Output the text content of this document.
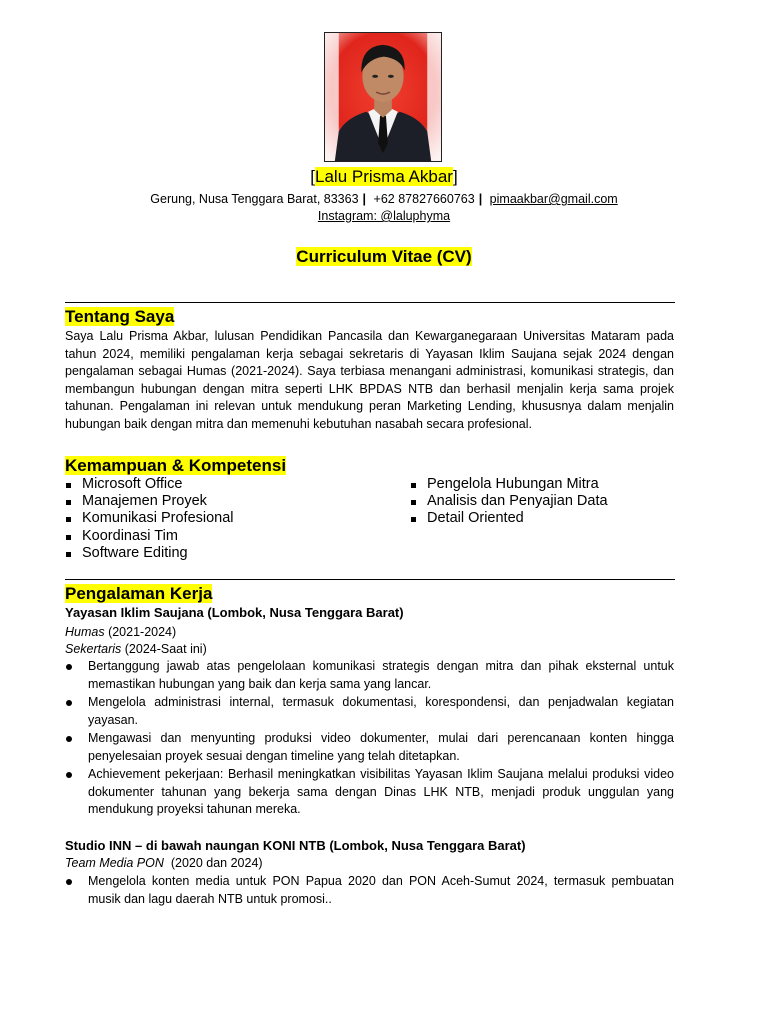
[Lalu Prisma Akbar]
Gerung, Nusa Tenggara Barat, 83363 | +62 87827660763 | pimaakbar@gmail.com
Instagram: @laluphyma
Curriculum Vitae (CV)
Tentang Saya

Saya Lalu Prisma Akbar, lulusan Pendidikan Pancasila dan Kewarganegaraan Universitas Mataram pada tahun 2024, memiliki pengalaman kerja sebagai sekretaris di Yayasan Iklim Saujana sejak 2024 dengan pengalaman sebagai Humas (2021-2024). Saya terbiasa menangani administrasi, komunikasi strategis, dan membangun hubungan dengan mitra seperti LHK BPDAS NTB dan berhasil menjalin kerja sama projek tahunan. Pengalaman ini relevan untuk mendukung peran Marketing Lending, khususnya dalam menjalin hubungan baik dengan mitra dan memenuhi kebutuhan nasabah secara profesional.

Kemampuan & Kompetensi
Microsoft Office
Manajemen Proyek
Komunikasi Profesional
Koordinasi Tim
Software Editing
Pengelola Hubungan Mitra
Analisis dan Penyajian Data
Detail Oriented
Pengalaman Kerja
Yayasan Iklim Saujana (Lombok, Nusa Tenggara Barat)
Humas (2021-2024)
Sekertaris (2024-Saat ini)
Bertanggung jawab atas pengelolaan komunikasi strategis dengan mitra dan pihak eksternal untuk memastikan hubungan yang baik dan kerja sama yang lancar.
Mengelola administrasi internal, termasuk dokumentasi, korespondensi, dan penjadwalan kegiatan yayasan.
Mengawasi dan menyunting produksi video dokumenter, mulai dari perencanaan konten hingga penyelesaian proyek sesuai dengan timeline yang telah ditetapkan.
Achievement pekerjaan: Berhasil meningkatkan visibilitas Yayasan Iklim Saujana melalui produksi video dokumenter tahunan yang bekerja sama dengan Dinas LHK NTB, menjadi produk unggulan yang mendukung proyeksi tahunan mereka.
Studio INN – di bawah naungan KONI NTB (Lombok, Nusa Tenggara Barat)
Team Media PON  (2020 dan 2024)
Mengelola konten media untuk PON Papua 2020 dan PON Aceh-Sumut 2024, termasuk pembuatan musik dan lagu daerah NTB untuk promosi..
